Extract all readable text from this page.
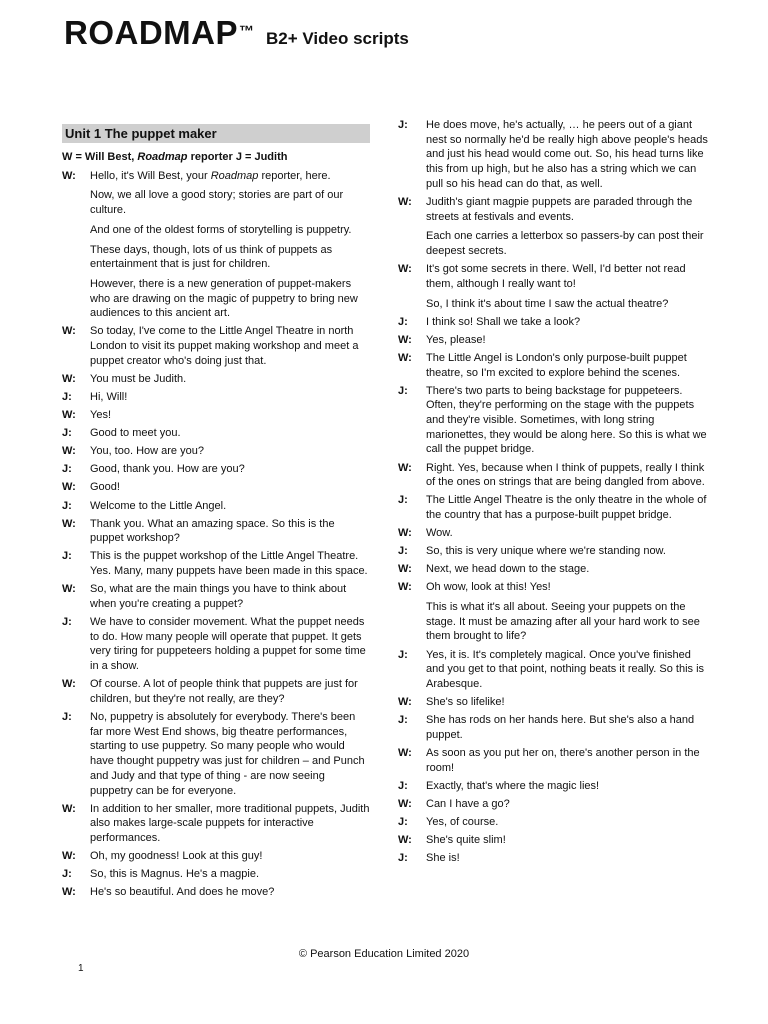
ROADMAP ™ B2+ Video scripts
Unit 1 The puppet maker
W = Will Best, Roadmap reporter J = Judith
W:	Hello, it's Will Best, your Roadmap reporter, here.

Now, we all love a good story; stories are part of our culture.

And one of the oldest forms of storytelling is puppetry.

These days, though, lots of us think of puppets as entertainment that is just for children.

However, there is a new generation of puppet-makers who are drawing on the magic of puppetry to bring new audiences to this ancient art.

W:	So today, I've come to the Little Angel Theatre in north London to visit its puppet making workshop and meet a puppet creator who's doing just that.

W:	You must be Judith.

J:	Hi, Will!

W:	Yes!

J:	Good to meet you.

W:	You, too. How are you?

J:	Good, thank you. How are you?

W:	Good!

J:	Welcome to the Little Angel.

W:	Thank you. What an amazing space. So this is the puppet workshop?

J:	This is the puppet workshop of the Little Angel Theatre. Yes. Many, many puppets have been made in this space.

W:	So, what are the main things you have to think about when you're creating a puppet?

J:	We have to consider movement. What the puppet needs to do. How many people will operate that puppet. It gets very tiring for puppeteers holding a puppet for some time in a show.

W:	Of course. A lot of people think that puppets are just for children, but they're not really, are they?

J:	No, puppetry is absolutely for everybody. There's been far more West End shows, big theatre performances, starting to use puppetry. So many people who would have thought puppetry was just for children – and Punch and Judy and that type of thing - are now seeing puppetry can be for everyone.

W:	In addition to her smaller, more traditional puppets, Judith also makes large-scale puppets for interactive performances.

W:	Oh, my goodness! Look at this guy!

J:	So, this is Magnus. He's a magpie.

W:	He's so beautiful. And does he move?

J:	He does move, he's actually, … he peers out of a giant nest so normally he'd be really high above people's heads and just his head would come out. So, his head turns like this from up high, but he also has a string which we can pull so his head can do that, as well.

W:	Judith's giant magpie puppets are paraded through the streets at festivals and events.

Each one carries a letterbox so passers-by can post their deepest secrets.

W:	It's got some secrets in there. Well, I'd better not read them, although I really want to!

So, I think it's about time I saw the actual theatre?

J:	I think so! Shall we take a look?

W:	Yes, please!

W:	The Little Angel is London's only purpose-built puppet theatre, so I'm excited to explore behind the scenes.

J:	There's two parts to being backstage for puppeteers. Often, they're performing on the stage with the puppets and they're visible. Sometimes, with long string marionettes, they would be along here. So this is what we call the puppet bridge.

W:	Right. Yes, because when I think of puppets, really I think of the ones on strings that are being dangled from above.

J:	The Little Angel Theatre is the only theatre in the whole of the country that has a purpose-built puppet bridge.

W:	Wow.

J:	So, this is very unique where we're standing now.

W:	Next, we head down to the stage.

W:	Oh wow, look at this! Yes!

This is what it's all about. Seeing your puppets on the stage. It must be amazing after all your hard work to see them brought to life?

J:	Yes, it is. It's completely magical. Once you've finished and you get to that point, nothing beats it really. So this is Arabesque.

W:	She's so lifelike!

J:	She has rods on her hands here. But she's also a hand puppet.

W:	As soon as you put her on, there's another person in the room!

J:	Exactly, that's where the magic lies!

W:	Can I have a go?

J:	Yes, of course.

W:	She's quite slim!

J:	She is!

© Pearson Education Limited 2020
1
